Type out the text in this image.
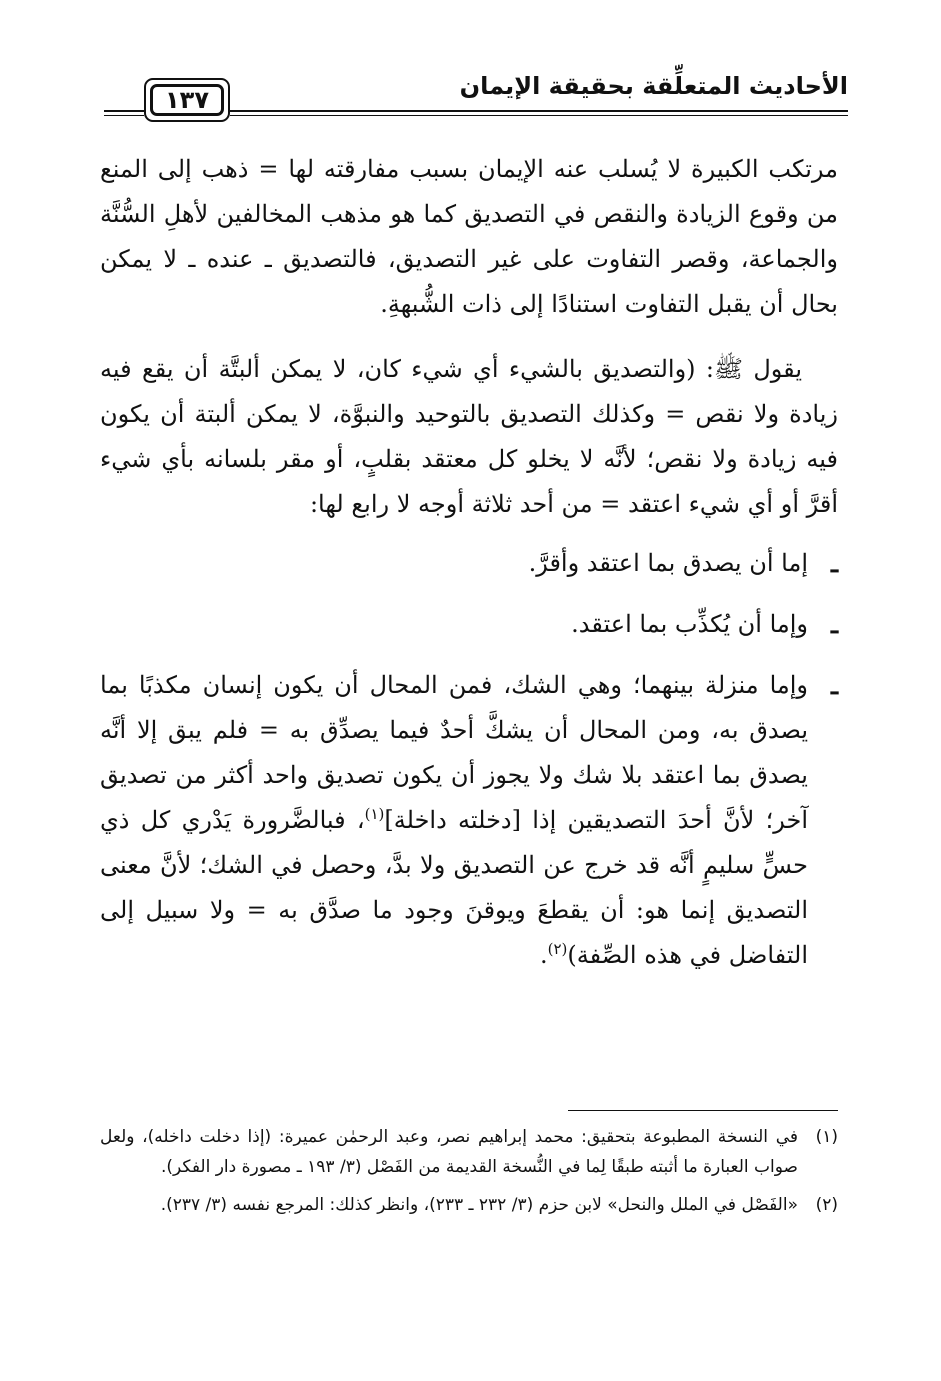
الأحاديث المتعلِّقة بحقيقة الإيمان
١٣٧

مرتكب الكبيرة لا يُسلب عنه الإيمان بسبب مفارقته لها = ذهب إلى المنع من وقوع الزيادة والنقص في التصديق كما هو مذهب المخالفين لأهلِ السُّنَّة والجماعة، وقصر التفاوت على غير التصديق، فالتصديق ـ عنده ـ لا يمكن بحال أن يقبل التفاوت استنادًا إلى ذات الشُّبهةِ.

يقول ﷺ: (والتصديق بالشيء أي شيء كان، لا يمكن ألبتَّة أن يقع فيه زيادة ولا نقص = وكذلك التصديق بالتوحيد والنبوَّة، لا يمكن ألبتة أن يكون فيه زيادة ولا نقص؛ لأنَّه لا يخلو كل معتقد بقلبٍ، أو مقر بلسانه بأي شيء أقرَّ أو أي شيء اعتقد = من أحد ثلاثة أوجه لا رابع لها:

ـ
إما أن يصدق بما اعتقد وأقرَّ.
ـ
وإما أن يُكذِّب بما اعتقد.
ـ
وإما منزلة بينهما؛ وهي الشك، فمن المحال أن يكون إنسان مكذبًا بما يصدق به، ومن المحال أن يشكَّ أحدٌ فيما يصدِّق به = فلم يبق إلا أنَّه يصدق بما اعتقد بلا شك ولا يجوز أن يكون تصديق واحد أكثر من تصديق آخر؛ لأنَّ أحدَ التصديقين إذا [دخلته داخلة]$^{(١)}$، فبالضَّرورة يَدْري كل ذي حسٍّ سليمٍ أنَّه قد خرج عن التصديق ولا بدَّ، وحصل في الشك؛ لأنَّ معنى التصديق إنما هو: أن يقطعَ ويوقنَ وجود ما صدَّق به = ولا سبيل إلى التفاضل في هذه الصِّفة)$^{(٢)}$.
(١)
في النسخة المطبوعة بتحقيق: محمد إبراهيم نصر، وعبد الرحمٰن عميرة: (إذا دخلت داخله)، ولعل صواب العبارة ما أثبته طبقًا لِما في النُّسخة القديمة من الفَصْل (٣/ ١٩٣ ـ مصورة دار الفكر).
(٢)
«الفَصْل في الملل والنحل» لابن حزم (٣/ ٢٣٢ ـ ٢٣٣)، وانظر كذلك: المرجع نفسه (٣/ ٢٣٧).
